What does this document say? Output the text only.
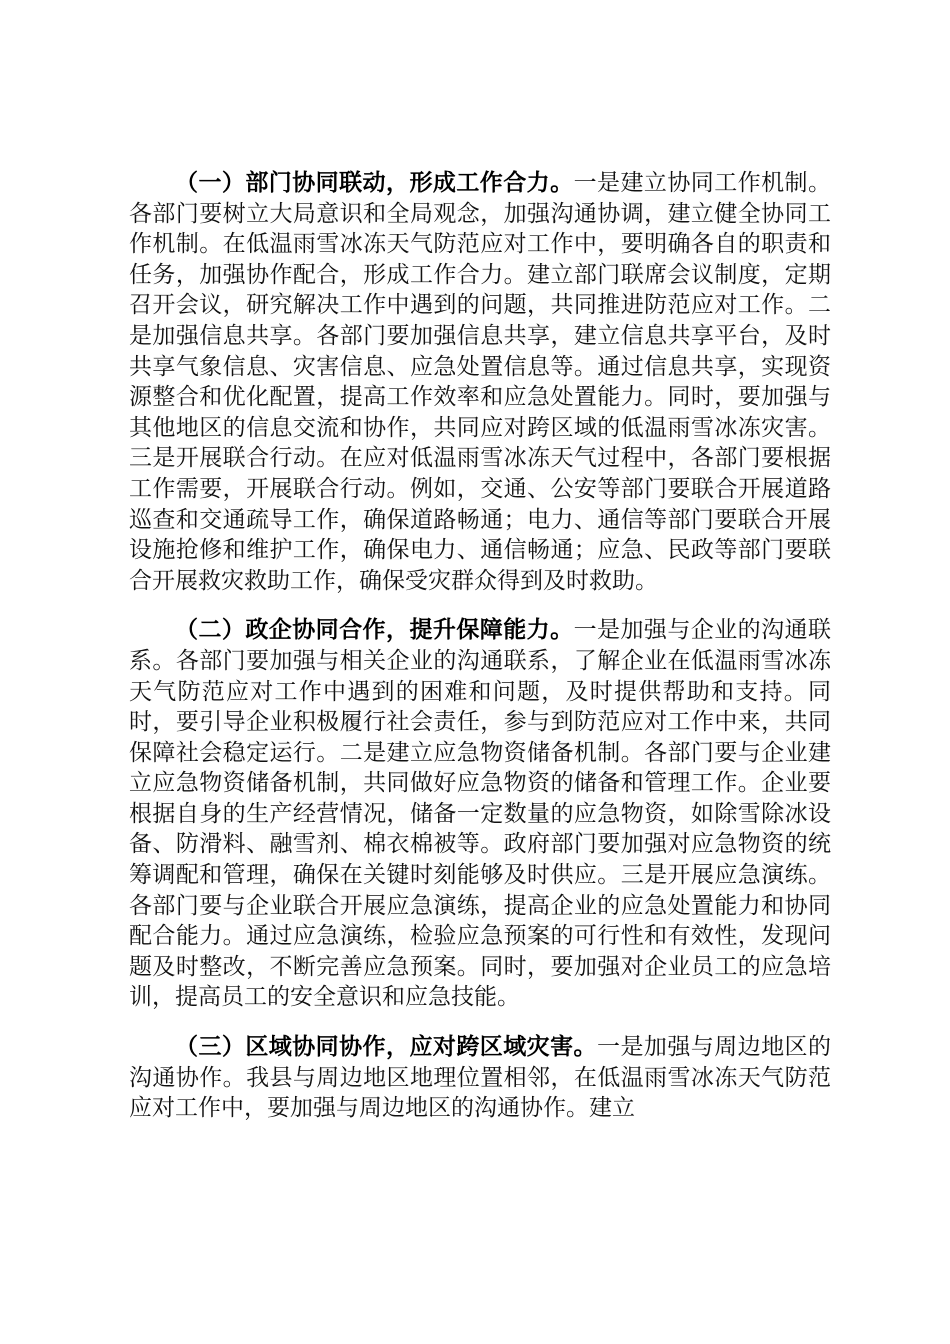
（一）部门协同联动，形成工作合力。一是建立协同工作机制。各部门要树立大局意识和全局观念，加强沟通协调，建立健全协同工作机制。在低温雨雪冰冻天气防范应对工作中，要明确各自的职责和任务，加强协作配合，形成工作合力。建立部门联席会议制度，定期召开会议，研究解决工作中遇到的问题，共同推进防范应对工作。二是加强信息共享。各部门要加强信息共享，建立信息共享平台，及时共享气象信息、灾害信息、应急处置信息等。通过信息共享，实现资源整合和优化配置，提高工作效率和应急处置能力。同时，要加强与其他地区的信息交流和协作，共同应对跨区域的低温雨雪冰冻灾害。三是开展联合行动。在应对低温雨雪冰冻天气过程中，各部门要根据工作需要，开展联合行动。例如，交通、公安等部门要联合开展道路巡查和交通疏导工作，确保道路畅通；电力、通信等部门要联合开展设施抢修和维护工作，确保电力、通信畅通；应急、民政等部门要联合开展救灾救助工作，确保受灾群众得到及时救助。

（二）政企协同合作，提升保障能力。一是加强与企业的沟通联系。各部门要加强与相关企业的沟通联系，了解企业在低温雨雪冰冻天气防范应对工作中遇到的困难和问题，及时提供帮助和支持。同时，要引导企业积极履行社会责任，参与到防范应对工作中来，共同保障社会稳定运行。二是建立应急物资储备机制。各部门要与企业建立应急物资储备机制，共同做好应急物资的储备和管理工作。企业要根据自身的生产经营情况，储备一定数量的应急物资，如除雪除冰设备、防滑料、融雪剂、棉衣棉被等。政府部门要加强对应急物资的统筹调配和管理，确保在关键时刻能够及时供应。三是开展应急演练。各部门要与企业联合开展应急演练，提高企业的应急处置能力和协同配合能力。通过应急演练，检验应急预案的可行性和有效性，发现问题及时整改，不断完善应急预案。同时，要加强对企业员工的应急培训，提高员工的安全意识和应急技能。

（三）区域协同协作，应对跨区域灾害。一是加强与周边地区的沟通协作。我县与周边地区地理位置相邻，在低温雨雪冰冻天气防范应对工作中，要加强与周边地区的沟通协作。建立
